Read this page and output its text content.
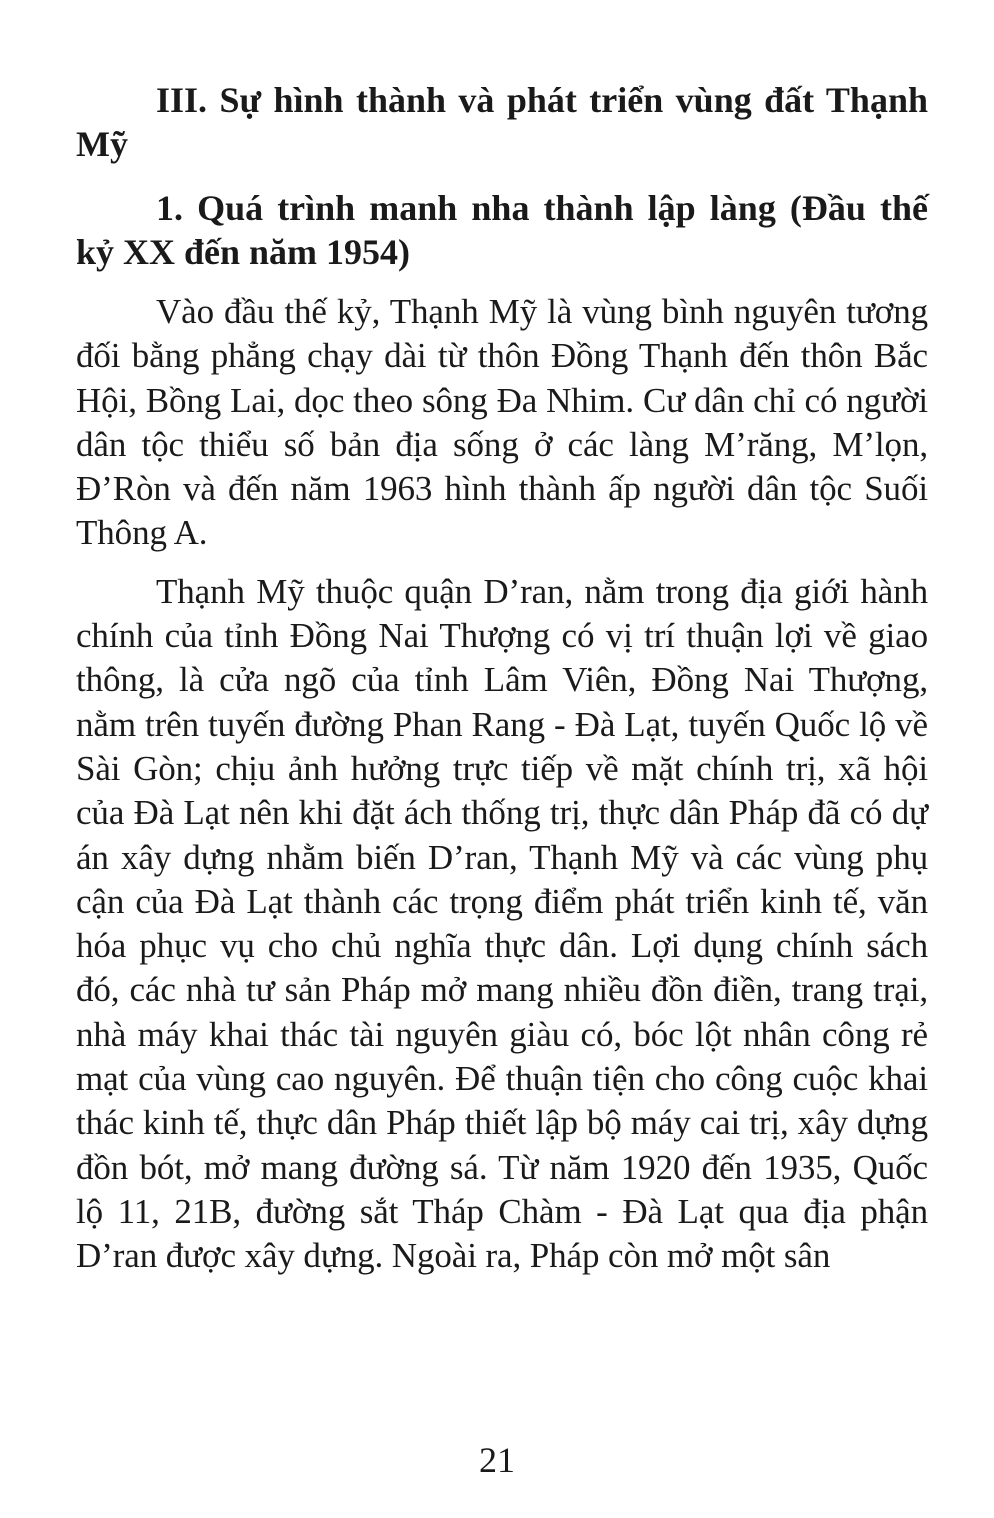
III. Sự hình thành và phát triển vùng đất Thạnh Mỹ
1. Quá trình manh nha thành lập làng (Đầu thế kỷ XX đến năm 1954)
Vào đầu thế kỷ, Thạnh Mỹ là vùng bình nguyên tương đối bằng phẳng chạy dài từ thôn Đồng Thạnh đến thôn Bắc Hội, Bồng Lai, dọc theo sông Đa Nhim. Cư dân chỉ có người dân tộc thiểu số bản địa sống ở các làng M’răng, M’lọn, Đ’Ròn và đến năm 1963 hình thành ấp người dân tộc Suối Thông A.
Thạnh Mỹ thuộc quận D’ran, nằm trong địa giới hành chính của tỉnh Đồng Nai Thượng có vị trí thuận lợi về giao thông, là cửa ngõ của tỉnh Lâm Viên, Đồng Nai Thượng, nằm trên tuyến đường Phan Rang - Đà Lạt, tuyến Quốc lộ về Sài Gòn; chịu ảnh hưởng trực tiếp về mặt chính trị, xã hội của Đà Lạt nên khi đặt ách thống trị, thực dân Pháp đã có dự án xây dựng nhằm biến D’ran, Thạnh Mỹ và các vùng phụ cận của Đà Lạt thành các trọng điểm phát triển kinh tế, văn hóa phục vụ cho chủ nghĩa thực dân. Lợi dụng chính sách đó, các nhà tư sản Pháp mở mang nhiều đồn điền, trang trại, nhà máy khai thác tài nguyên giàu có, bóc lột nhân công rẻ mạt của vùng cao nguyên. Để thuận tiện cho công cuộc khai thác kinh tế, thực dân Pháp thiết lập bộ máy cai trị, xây dựng đồn bót, mở mang đường sá. Từ năm 1920 đến 1935, Quốc lộ 11, 21B, đường sắt Tháp Chàm - Đà Lạt qua địa phận D’ran được xây dựng. Ngoài ra, Pháp còn mở một sân
21
